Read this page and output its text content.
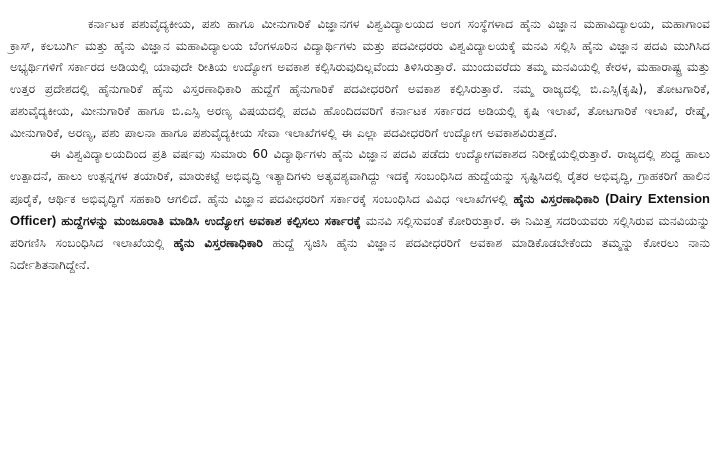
ಕರ್ನಾಟಕ ಪಶುವೈದ್ಯಕೀಯ, ಪಶು ಹಾಗೂ ಮೀನುಗಾರಿಕೆ ವಿಜ್ಞಾನಗಳ ವಿಶ್ವವಿದ್ಯಾಲಯದ ಅಂಗ ಸಂಸ್ಥೆಗಳಾದ ಹೈನು ವಿಜ್ಞಾನ ಮಹಾವಿದ್ಯಾಲಯ, ಮಹಾಗಾಂವ ಕ್ರಾಸ್, ಕಲಬುರ್ಗಿ ಮತ್ತು ಹೈನು ವಿಜ್ಞಾನ ಮಹಾವಿದ್ಯಾಲಯ ಬೆಂಗಳೂರಿನ ವಿದ್ಯಾರ್ಥಿಗಳು ಮತ್ತು ಪದವೀಧರರು ವಿಶ್ವವಿದ್ಯಾಲಯಕ್ಕೆ ಮನವಿ ಸಲ್ಲಿಸಿ ಹೈನು ವಿಜ್ಞಾನ ಪದವಿ ಮುಗಿಸಿದ ಅಭ್ಯರ್ಥಿಗಳಿಗೆ ಸರ್ಕಾರದ ಅಡಿಯಲ್ಲಿ ಯಾವುದೇ ರೀತಿಯ ಉದ್ಯೋಗ ಅವಕಾಶ ಕಲ್ಪಿಸಿರುವುದಿಲ್ಲವೆಂದು ತಿಳಿಸಿರುತ್ತಾರೆ. ಮುಂದುವರೆದು ತಮ್ಮ ಮನವಿಯಲ್ಲಿ ಕೇರಳ, ಮಹಾರಾಷ್ಟ್ರ ಮತ್ತು ಉತ್ತರ ಪ್ರದೇಶದಲ್ಲಿ ಹೈನುಗಾರಿಕೆ ಹೈನು ವಿಸ್ತರಣಾಧಿಕಾರಿ ಹುದ್ದೆಗೆ ಹೈನುಗಾರಿಕೆ ಪದವೀಧರರಿಗೆ ಅವಕಾಶ ಕಲ್ಪಿಸಿರುತ್ತಾರೆ. ನಮ್ಮ ರಾಜ್ಯದಲ್ಲಿ ಬಿ.ಎಸ್ಸಿ(ಕೃಷಿ), ತೋಟಗಾರಿಕೆ, ಪಶುವೈದ್ಯಕೀಯ, ಮೀನುಗಾರಿಕೆ ಹಾಗೂ ಬಿ.ಎಸ್ಸಿ ಅರಣ್ಯ ವಿಷಯದಲ್ಲಿ ಪದವಿ ಹೊಂದಿದವರಿಗೆ ಕರ್ನಾಟಕ ಸರ್ಕಾರದ ಅಡಿಯಲ್ಲಿ ಕೃಷಿ ಇಲಾಖೆ, ತೋಟಗಾರಿಕೆ ಇಲಾಖೆ, ರೇಷ್ಮೆ, ಮೀನುಗಾರಿಕೆ, ಅರಣ್ಯ, ಪಶು ಪಾಲನಾ ಹಾಗೂ ಪಶುವೈದ್ಯಕೀಯ ಸೇವಾ ಇಲಾಖೆಗಳಲ್ಲಿ ಈ ಎಲ್ಲಾ ಪದವೀಧರರಿಗೆ ಉದ್ಯೋಗ ಅವಕಾಶವಿರುತ್ತದೆ.

ಈ ವಿಶ್ವವಿದ್ಯಾಲಯದಿಂದ ಪ್ರತಿ ವರ್ಷವು ಸುಮಾರು 60 ವಿದ್ಯಾರ್ಥಿಗಳು ಹೈನು ವಿಜ್ಞಾನ ಪದವಿ ಪಡೆದು ಉದ್ಯೋಗವಕಾಶದ ನಿರೀಕ್ಷೆಯಲ್ಲಿರುತ್ತಾರೆ. ರಾಜ್ಯದಲ್ಲಿ ಶುದ್ಧ ಹಾಲು ಉತ್ಪಾದನೆ, ಹಾಲು ಉತ್ಪನ್ನಗಳ ತಯಾರಿಕೆ, ಮಾರುಕಟ್ಟೆ ಅಭಿವೃದ್ಧಿ ಇತ್ಯಾದಿಗಳು ಅತ್ಯವಶ್ಯವಾಗಿದ್ದು ಇದಕ್ಕೆ ಸಂಬಂಧಿಸಿದ ಹುದ್ದೆಯನ್ನು ಸೃಷ್ಟಿಸಿದಲ್ಲಿ ರೈತರ ಅಭಿವೃದ್ಧಿ, ಗ್ರಾಹಕರಿಗೆ ಹಾಲಿನ ಪೂರೈಕೆ, ಆರ್ಥಿಕ ಅಭಿವೃದ್ಧಿಗೆ ಸಹಕಾರಿ ಆಗಲಿದೆ. ಹೈನು ವಿಜ್ಞಾನ ಪದವೀಧರರಿಗೆ ಸರ್ಕಾರಕ್ಕೆ ಸಂಬಂಧಿಸಿದ ವಿವಿಧ ಇಲಾಖೆಗಳಲ್ಲಿ ಹೈನು ವಿಸ್ತರಣಾಧಿಕಾರಿ (Dairy Extension Officer) ಹುದ್ದೆಗಳನ್ನು ಮಂಜೂರಾತಿ ಮಾಡಿಸಿ ಉದ್ಯೋಗ ಅವಕಾಶ ಕಲ್ಪಿಸಲು ಸರ್ಕಾರಕ್ಕೆ ಮನವಿ ಸಲ್ಲಿಸುವಂತೆ ಕೋರಿರುತ್ತಾರೆ. ಈ ನಿಮಿತ್ತ ಸದರಿಯವರು ಸಲ್ಲಿಸಿರುವ ಮನವಿಯನ್ನು ಪರಿಗಣಿಸಿ ಸಂಬಂಧಿಸಿದ ಇಲಾಖೆಯಲ್ಲಿ ಹೈನು ವಿಸ್ತರಣಾಧಿಕಾರಿ ಹುದ್ದೆ ಸೃಜಿಸಿ ಹೈನು ವಿಜ್ಞಾನ ಪದವೀಧರರಿಗೆ ಅವಕಾಶ ಮಾಡಿಕೊಡಬೇಕೆಂದು ತಮ್ಮನ್ನು ಕೋರಲು ನಾನು ನಿರ್ದೇಶಿತನಾಗಿದ್ದೇನೆ.
